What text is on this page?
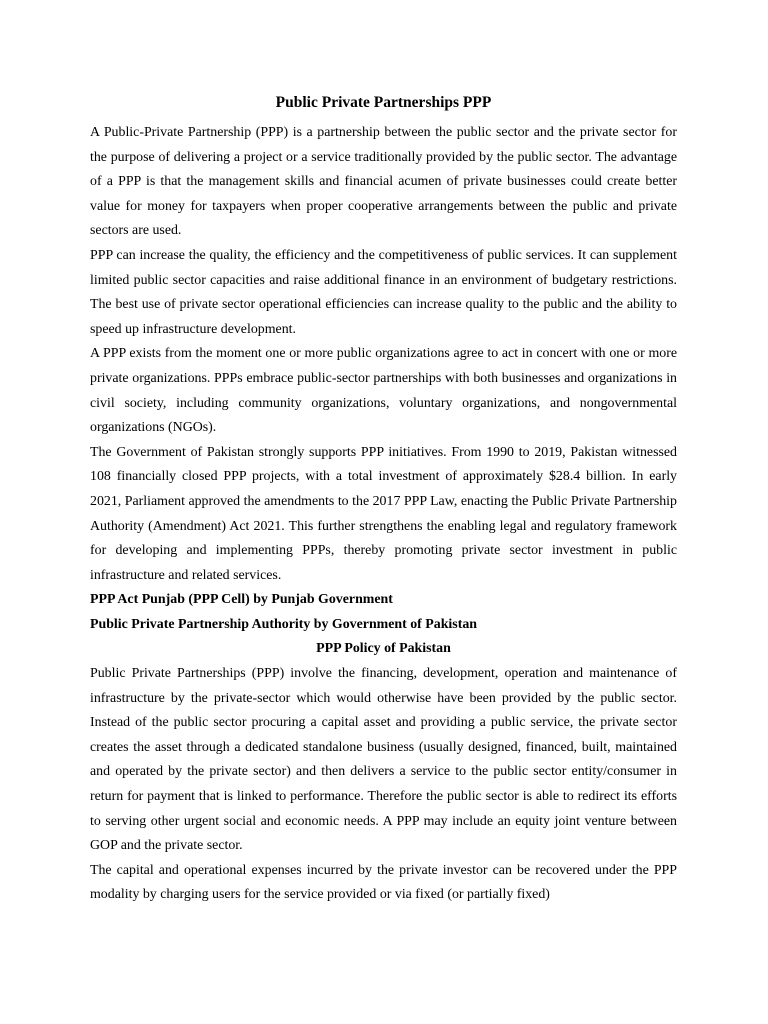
Public Private Partnerships PPP

A Public-Private Partnership (PPP) is a partnership between the public sector and the private sector for the purpose of delivering a project or a service traditionally provided by the public sector. The advantage of a PPP is that the management skills and financial acumen of private businesses could create better value for money for taxpayers when proper cooperative arrangements between the public and private sectors are used.

PPP can increase the quality, the efficiency and the competitiveness of public services. It can supplement limited public sector capacities and raise additional finance in an environment of budgetary restrictions. The best use of private sector operational efficiencies can increase quality to the public and the ability to speed up infrastructure development.

A PPP exists from the moment one or more public organizations agree to act in concert with one or more private organizations. PPPs embrace public-sector partnerships with both businesses and organizations in civil society, including community organizations, voluntary organizations, and nongovernmental organizations (NGOs).

The Government of Pakistan strongly supports PPP initiatives. From 1990 to 2019, Pakistan witnessed 108 financially closed PPP projects, with a total investment of approximately $28.4 billion. In early 2021, Parliament approved the amendments to the 2017 PPP Law, enacting the Public Private Partnership Authority (Amendment) Act 2021. This further strengthens the enabling legal and regulatory framework for developing and implementing PPPs, thereby promoting private sector investment in public infrastructure and related services.

PPP Act Punjab (PPP Cell) by Punjab Government

Public Private Partnership Authority by Government of Pakistan

PPP Policy of Pakistan

Public Private Partnerships (PPP) involve the financing, development, operation and maintenance of infrastructure by the private-sector which would otherwise have been provided by the public sector. Instead of the public sector procuring a capital asset and providing a public service, the private sector creates the asset through a dedicated standalone business (usually designed, financed, built, maintained and operated by the private sector) and then delivers a service to the public sector entity/consumer in return for payment that is linked to performance. Therefore the public sector is able to redirect its efforts to serving other urgent social and economic needs. A PPP may include an equity joint venture between GOP and the private sector.

The capital and operational expenses incurred by the private investor can be recovered under the PPP modality by charging users for the service provided or via fixed (or partially fixed)
